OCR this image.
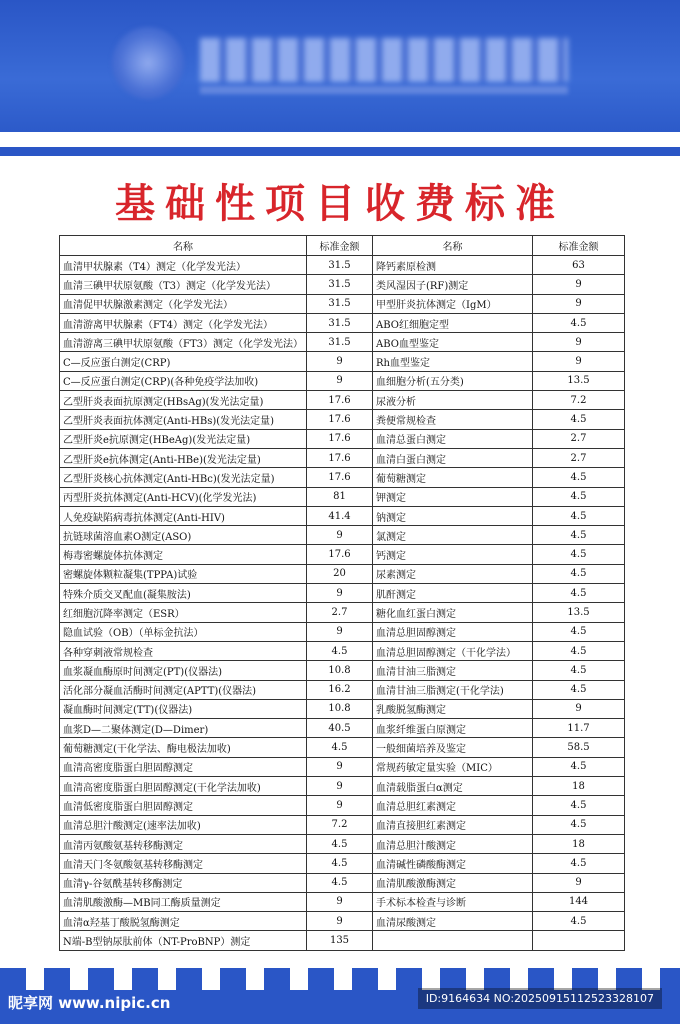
基础性项目收费标准
名称	标准金额	名称	标准金额
血清甲状腺素（T4）测定（化学发光法）	31.5	降钙素原检测	63
血清三碘甲状原氨酸（T3）测定（化学发光法）	31.5	类风湿因子(RF)测定	9
血清促甲状腺激素测定（化学发光法）	31.5	甲型肝炎抗体测定（IgM）	9
血清游离甲状腺素（FT4）测定（化学发光法）	31.5	ABO红细胞定型	4.5
血清游离三碘甲状原氨酸（FT3）测定（化学发光法）	31.5	ABO血型鉴定	9
C—反应蛋白测定(CRP)	9	Rh血型鉴定	9
C—反应蛋白测定(CRP)(各种免疫学法加收)	9	血细胞分析(五分类)	13.5
乙型肝炎表面抗原测定(HBsAg)(发光法定量)	17.6	尿液分析	7.2
乙型肝炎表面抗体测定(Anti-HBs)(发光法定量)	17.6	粪便常规检查	4.5
乙型肝炎e抗原测定(HBeAg)(发光法定量)	17.6	血清总蛋白测定	2.7
乙型肝炎e抗体测定(Anti-HBe)(发光法定量)	17.6	血清白蛋白测定	2.7
乙型肝炎核心抗体测定(Anti-HBc)(发光法定量)	17.6	葡萄糖测定	4.5
丙型肝炎抗体测定(Anti-HCV)(化学发光法)	81	钾测定	4.5
人免疫缺陷病毒抗体测定(Anti-HIV)	41.4	钠测定	4.5
抗链球菌溶血素O测定(ASO)	9	氯测定	4.5
梅毒密螺旋体抗体测定	17.6	钙测定	4.5
密螺旋体颗粒凝集(TPPA)试验	20	尿素测定	4.5
特殊介质交叉配血(凝集胺法)	9	肌酐测定	4.5
红细胞沉降率测定（ESR）	2.7	糖化血红蛋白测定	13.5
隐血试验（OB）（单标金抗法）	9	血清总胆固醇测定	4.5
各种穿刺液常规检查	4.5	血清总胆固醇测定（干化学法）	4.5
血浆凝血酶原时间测定(PT)(仪器法)	10.8	血清甘油三脂测定	4.5
活化部分凝血活酶时间测定(APTT)(仪器法)	16.2	血清甘油三脂测定(干化学法)	4.5
凝血酶时间测定(TT)(仪器法)	10.8	乳酸脱氢酶测定	9
血浆D—二聚体测定(D—Dimer)	40.5	血浆纤维蛋白原测定	11.7
葡萄糖测定(干化学法、酶电极法加收)	4.5	一般细菌培养及鉴定	58.5
血清高密度脂蛋白胆固醇测定	9	常规药敏定量实验（MIC）	4.5
血清高密度脂蛋白胆固醇测定(干化学法加收)	9	血清载脂蛋白α测定	18
血清低密度脂蛋白胆固醇测定	9	血清总胆红素测定	4.5
血清总胆汁酸测定(速率法加收)	7.2	血清直接胆红素测定	4.5
血清丙氨酸氨基转移酶测定	4.5	血清总胆汁酸测定	18
血清天门冬氨酸氨基转移酶测定	4.5	血清碱性磷酸酶测定	4.5
血清γ-谷氨酰基转移酶测定	4.5	血清肌酸激酶测定	9
血清肌酸激酶—MB同工酶质量测定	9	手术标本检查与诊断	144
血清α羟基丁酸脱氢酶测定	9	血清尿酸测定	4.5
N端-B型钠尿肽前体（NT-ProBNP）测定	135		
昵享网 www.nipic.cn	ID:9164634 NO:20250915112523328107
